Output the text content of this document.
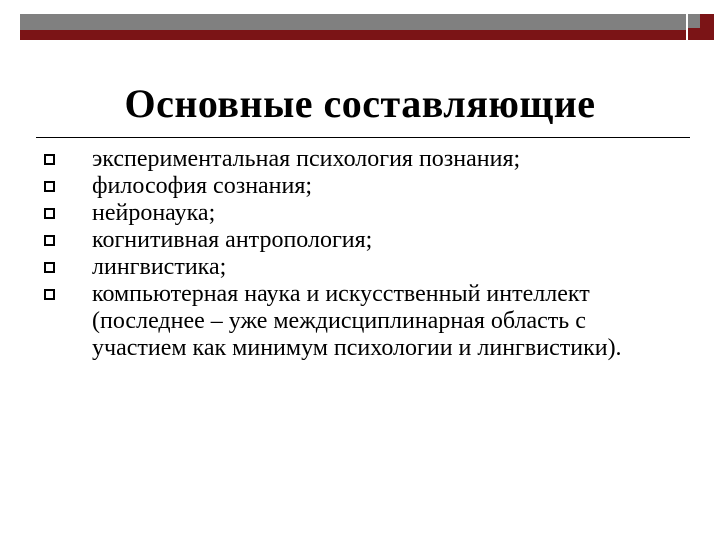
Основные составляющие
экспериментальная психология познания;
философия сознания;
нейронаука;
когнитивная антропология;
лингвистика;
компьютерная наука и искусственный интеллект (последнее – уже междисциплинарная область с участием как минимум психологии и лингвистики).
